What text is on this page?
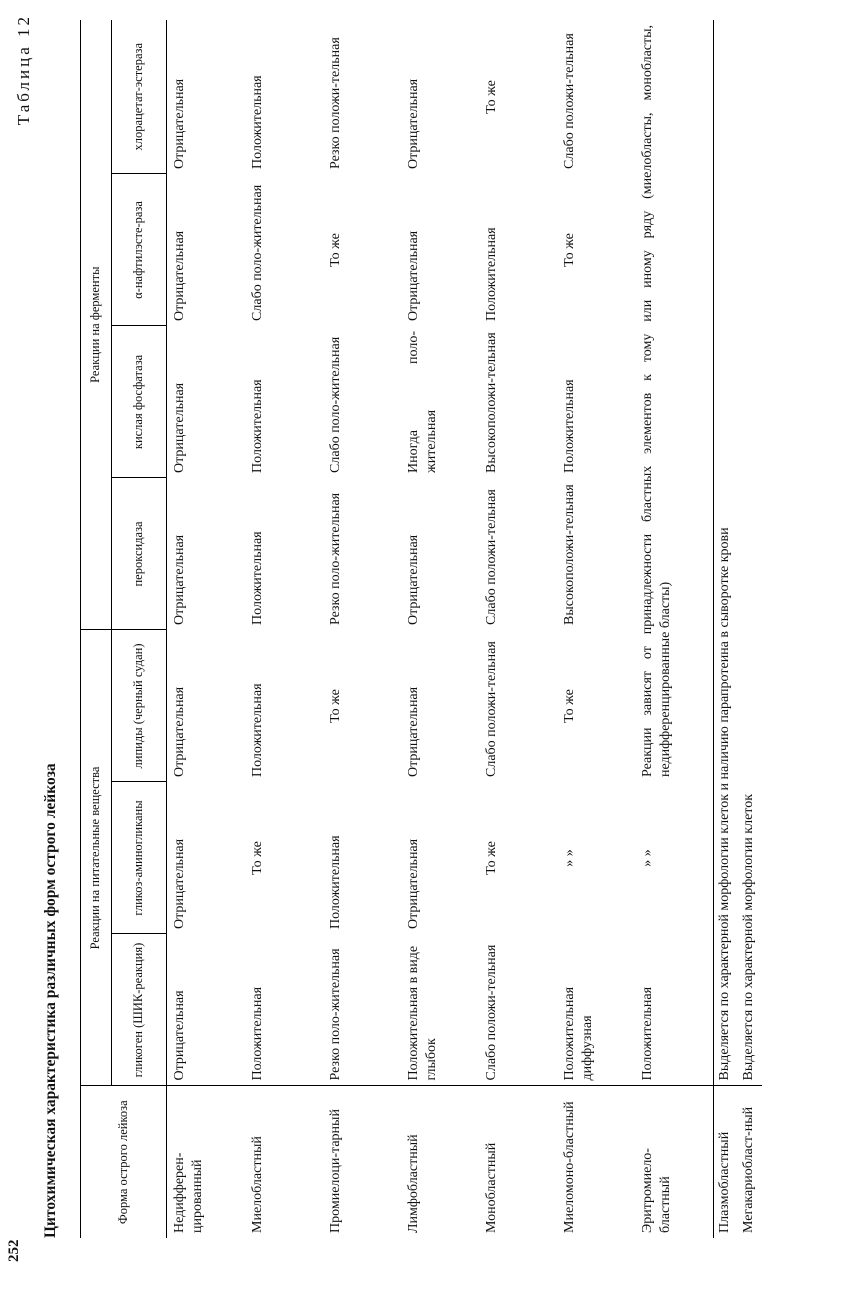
252
Таблица 12
Цитохимическая характеристика различных форм острого лейкоза	Форма острого лейкоза	Реакции на питательные вещества			Реакции на ферменты			
	гликоген (ШИК-реакция)	гликоз-аминогликаны	липиды (черный судан)	пероксидаза	кислая фосфатаза	α-нафтилэсте-раза	хлорацетат-эстераза
Недифферен-цированный	Отрицательная	Отрицательная	Отрицательная	Отрицательная	Отрицательная	Отрицательная	Отрицательная
Миелобластный	Положительная	То же	Положительная	Положительная	Положительная	Слабо поло-жительная	Положительная
Промиелоци-тарный	Резко поло-жительная	Положительная	То же	Резко поло-жительная	Слабо поло-жительная	То же	Резко положи-тельная
Лимфобластный	Положительная в виде глыбок	Отрицательная	Отрицательная	Отрицательная	Иногда поло-жительная	Отрицательная	Отрицательная
Монобластный	Слабо положи-тельная	То же	Слабо положи-тельная	Слабо положи-тельная	Высокоположи-тельная	Положительная	То же
Миеломоно-бластный	Положительная диффузная	» »	То же	Высокоположи-тельная	Положительная	То же	Слабо положи-тельная
Эритромиело-бластный	Положительная	» »	Реакции зависят от принадлежности бластных элементов к тому или иному ряду (миелобласты, монобласты, недифференцированные бласты)				
Плазмобластный	Выделяется по характерной морфологии клеток и наличию парапротеина в сыворотке крови						
Мегакариобласт-ный	Выделяется по характерной морфологии клеток						
